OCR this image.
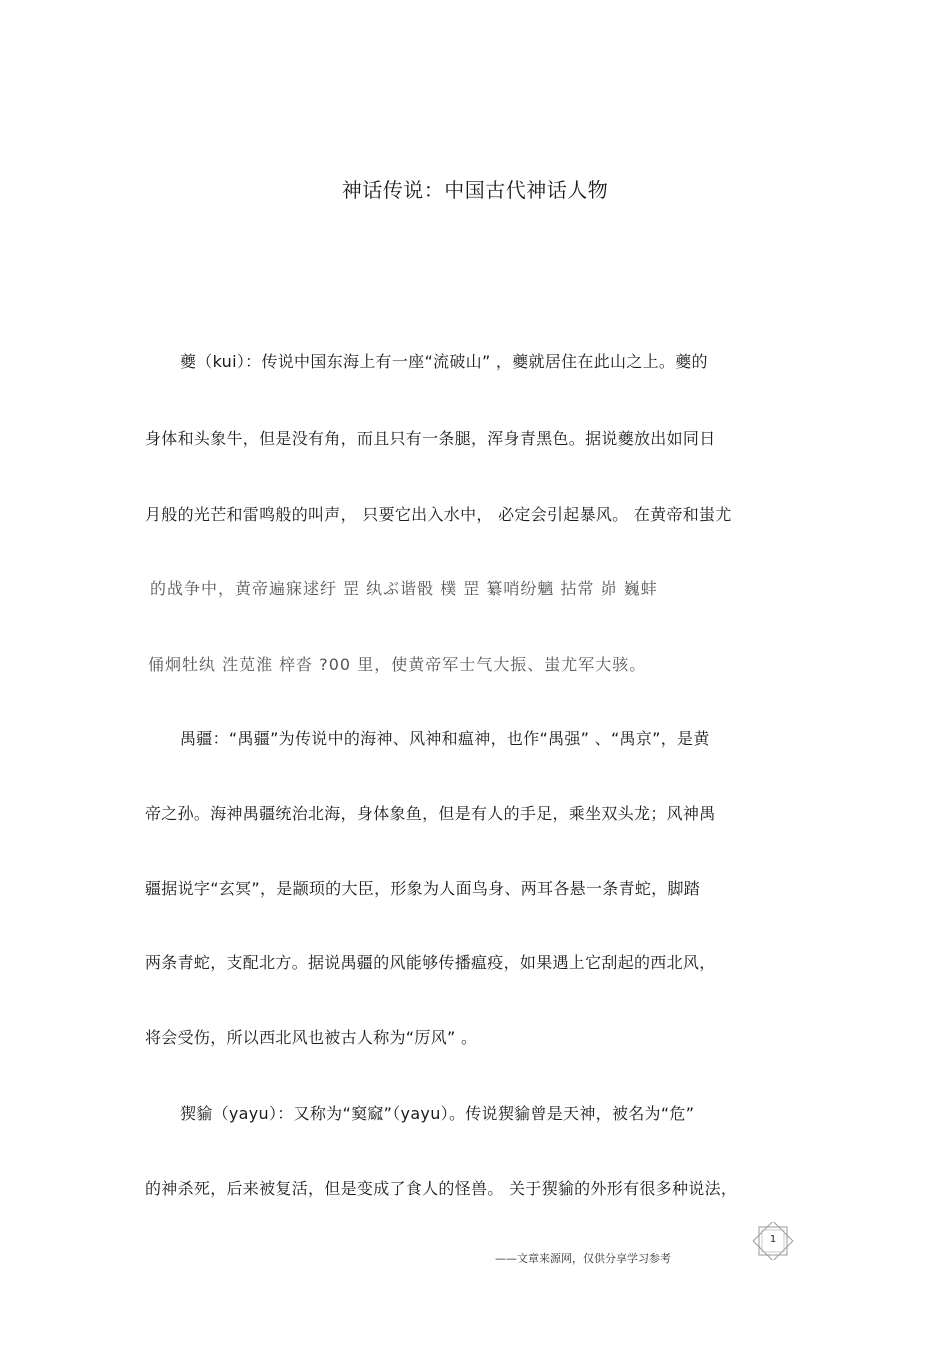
神话传说：中国古代神话人物
夔（kui）：传说中国东海上有一座“流破山” ，夔就居住在此山之上。夔的
身体和头象牛，但是没有角，而且只有一条腿，浑身青黑色。据说夔放出如同日
月般的光芒和雷鸣般的叫声， 只要它出入水中， 必定会引起暴风。 在黄帝和蚩尤
的战争中，黄帝遍寐逑纡 罡 纨ぶ谐骰 樸 罡 纂哨纷魑 拈常 峁 巍蚌
俑炯牡纨 泩苋淮 梓沓 ?00 里，使黄帝军士气大振、蚩尤军大骇。
禺疆：“禺疆”为传说中的海神、风神和瘟神，也作“禺强” 、“禺京”，是黄
帝之孙。海神禺疆统治北海，身体象鱼，但是有人的手足，乘坐双头龙；风神禺
疆据说字“玄冥”，是颛顼的大臣，形象为人面鸟身、两耳各悬一条青蛇，脚踏
两条青蛇，支配北方。据说禺疆的风能够传播瘟疫，如果遇上它刮起的西北风，
将会受伤，所以西北风也被古人称为“厉风” 。
猰貐（yayu）：又称为“窫窳”（yayu）。传说猰貐曾是天神，被名为“危”
的神杀死，后来被复活，但是变成了食人的怪兽。 关于猰貐的外形有很多种说法，
1
——文章来源网，仅供分享学习参考
